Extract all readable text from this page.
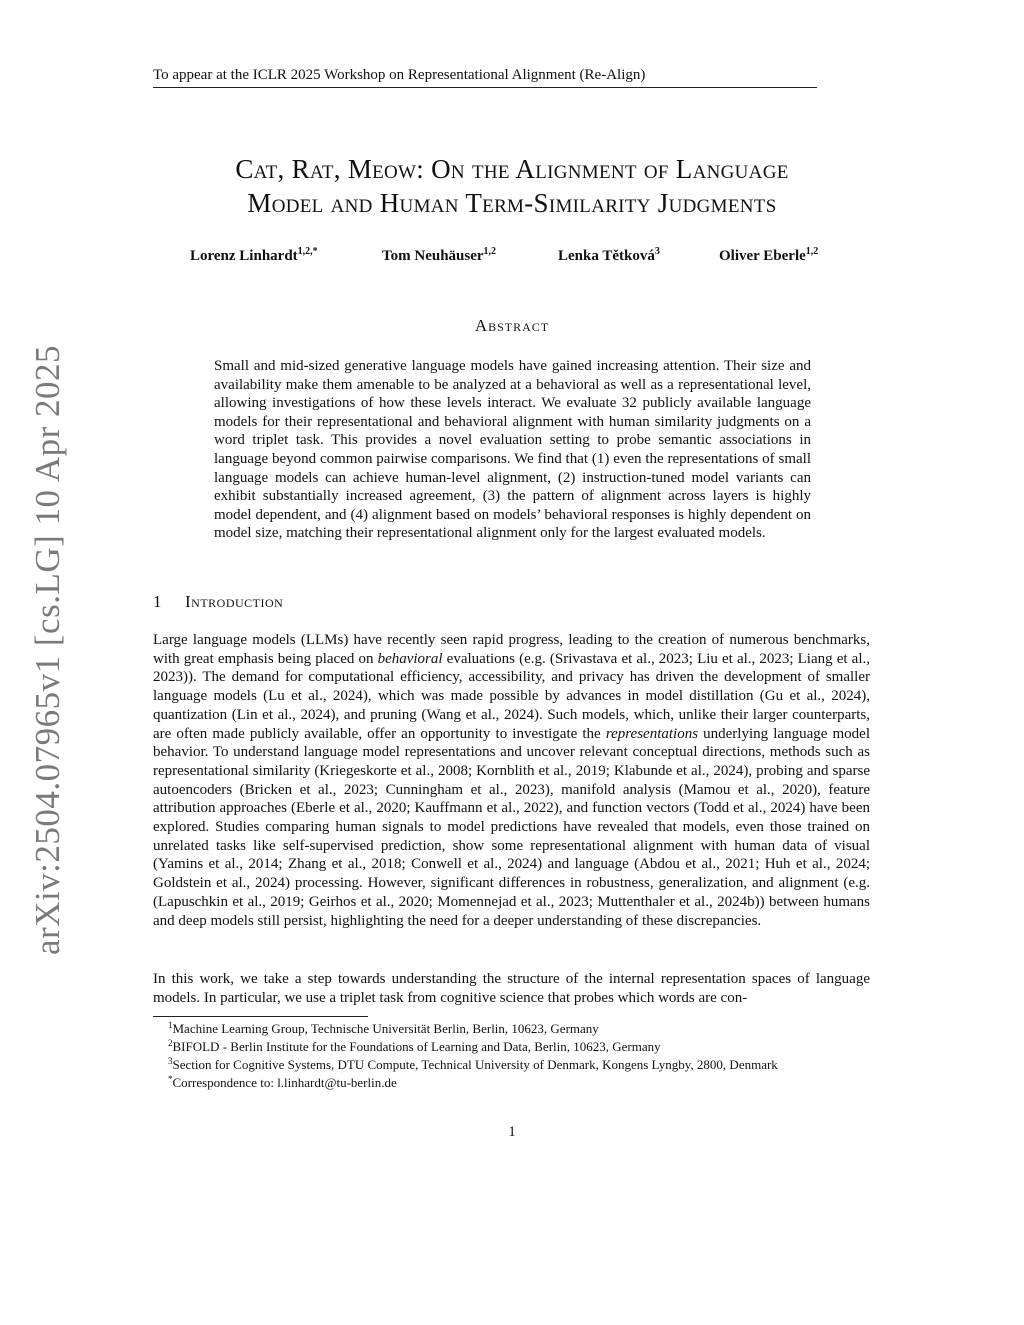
To appear at the ICLR 2025 Workshop on Representational Alignment (Re-Align)
Cat, Rat, Meow: On the Alignment of Language
Model and Human Term-Similarity Judgments
Lorenz Linhardt$^{1,2,*}$	Tom Neuhäuser$^{1,2}$	Lenka Tětková$^3$	Oliver Eberle$^{1,2}$
arXiv:2504.07965v1 [cs.LG] 10 Apr 2025
Abstract
Small and mid-sized generative language models have gained increasing attention. Their size and availability make them amenable to be analyzed at a behavioral as well as a representational level, allowing investigations of how these levels interact. We evaluate 32 publicly available language models for their representational and behavioral alignment with human similarity judgments on a word triplet task. This provides a novel evaluation setting to probe semantic associations in language beyond common pairwise comparisons. We find that (1) even the representations of small language models can achieve human-level alignment, (2) instruction-tuned model variants can exhibit substantially increased agreement, (3) the pattern of alignment across layers is highly model dependent, and (4) alignment based on models’ behavioral responses is highly dependent on model size, matching their representational alignment only for the largest evaluated models.
1 Introduction

Large language models (LLMs) have recently seen rapid progress, leading to the creation of numerous benchmarks, with great emphasis being placed on behavioral evaluations (e.g. (Srivastava et al., 2023; Liu et al., 2023; Liang et al., 2023)). The demand for computational efficiency, accessibility, and privacy has driven the development of smaller language models (Lu et al., 2024), which was made possible by advances in model distillation (Gu et al., 2024), quantization (Lin et al., 2024), and pruning (Wang et al., 2024). Such models, which, unlike their larger counterparts, are often made publicly available, offer an opportunity to investigate the representations underlying language model behavior. To understand language model representations and uncover relevant conceptual directions, methods such as representational similarity (Kriegeskorte et al., 2008; Kornblith et al., 2019; Klabunde et al., 2024), probing and sparse autoencoders (Bricken et al., 2023; Cunningham et al., 2023), manifold analysis (Mamou et al., 2020), feature attribution approaches (Eberle et al., 2020; Kauffmann et al., 2022), and function vectors (Todd et al., 2024) have been explored. Studies comparing human signals to model predictions have revealed that models, even those trained on unrelated tasks like self-supervised prediction, show some representational alignment with human data of visual (Yamins et al., 2014; Zhang et al., 2018; Conwell et al., 2024) and language (Abdou et al., 2021; Huh et al., 2024; Goldstein et al., 2024) processing. However, significant differences in robustness, generalization, and alignment (e.g. (Lapuschkin et al., 2019; Geirhos et al., 2020; Momennejad et al., 2023; Muttenthaler et al., 2024b)) between humans and deep models still persist, highlighting the need for a deeper understanding of these discrepancies.

In this work, we take a step towards understanding the structure of the internal representation spaces of language models. In particular, we use a triplet task from cognitive science that probes which words are con-

$^1$Machine Learning Group, Technische Universität Berlin, Berlin, 10623, Germany
$^2$BIFOLD - Berlin Institute for the Foundations of Learning and Data, Berlin, 10623, Germany
$^3$Section for Cognitive Systems, DTU Compute, Technical University of Denmark, Kongens Lyngby, 2800, Denmark
*Correspondence to: l.linhardt@tu-berlin.de
1
